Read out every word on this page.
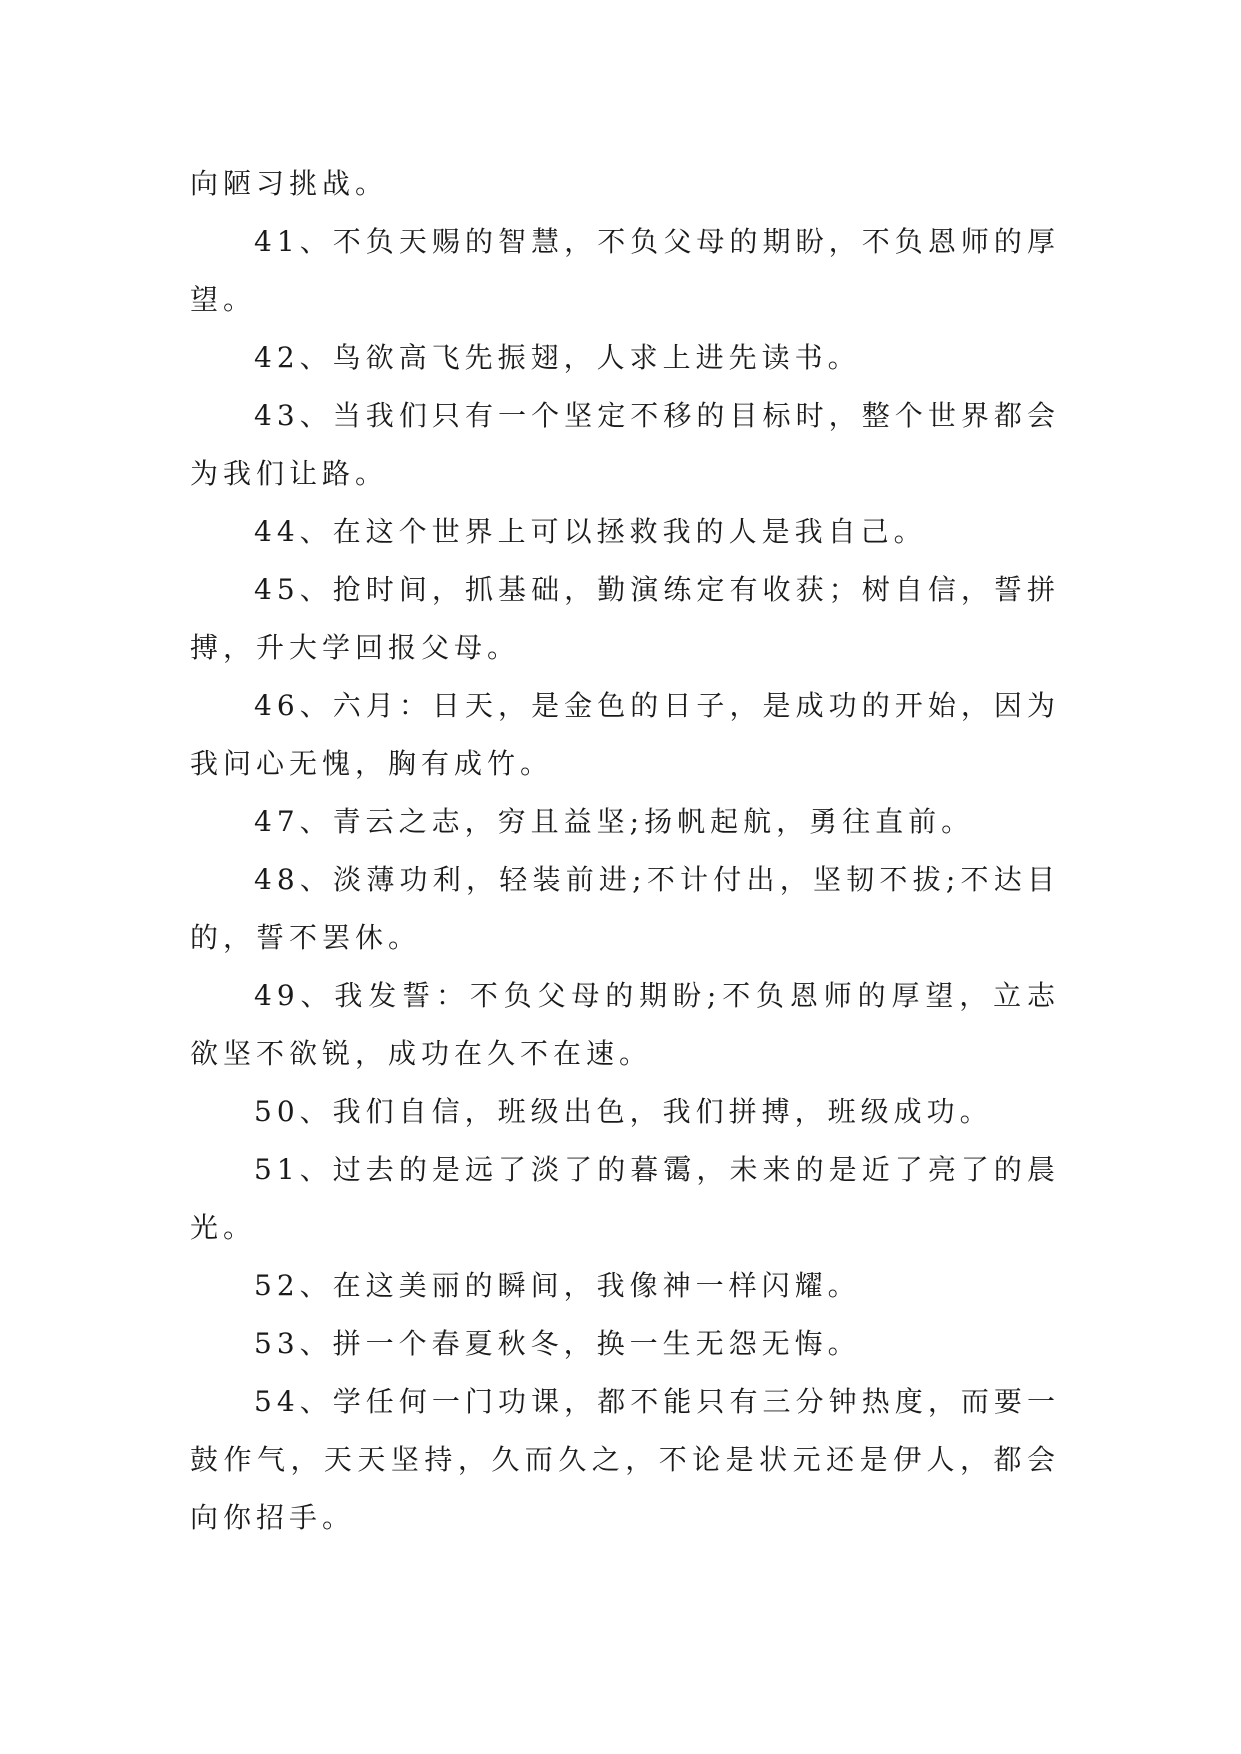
向陋习挑战。

41、不负天赐的智慧，不负父母的期盼，不负恩师的厚望。

42、鸟欲高飞先振翅，人求上进先读书。

43、当我们只有一个坚定不移的目标时，整个世界都会为我们让路。

44、在这个世界上可以拯救我的人是我自己。

45、抢时间，抓基础，勤演练定有收获；树自信，誓拼搏，升大学回报父母。

46、六月：日天，是金色的日子，是成功的开始，因为我问心无愧，胸有成竹。

47、青云之志，穷且益坚;扬帆起航，勇往直前。

48、淡薄功利，轻装前进;不计付出，坚韧不拔;不达目的，誓不罢休。

49、我发誓：不负父母的期盼;不负恩师的厚望，立志欲坚不欲锐，成功在久不在速。

50、我们自信，班级出色，我们拼搏，班级成功。

51、过去的是远了淡了的暮霭，未来的是近了亮了的晨光。

52、在这美丽的瞬间，我像神一样闪耀。

53、拼一个春夏秋冬，换一生无怨无悔。

54、学任何一门功课，都不能只有三分钟热度，而要一鼓作气，天天坚持，久而久之，不论是状元还是伊人，都会向你招手。
